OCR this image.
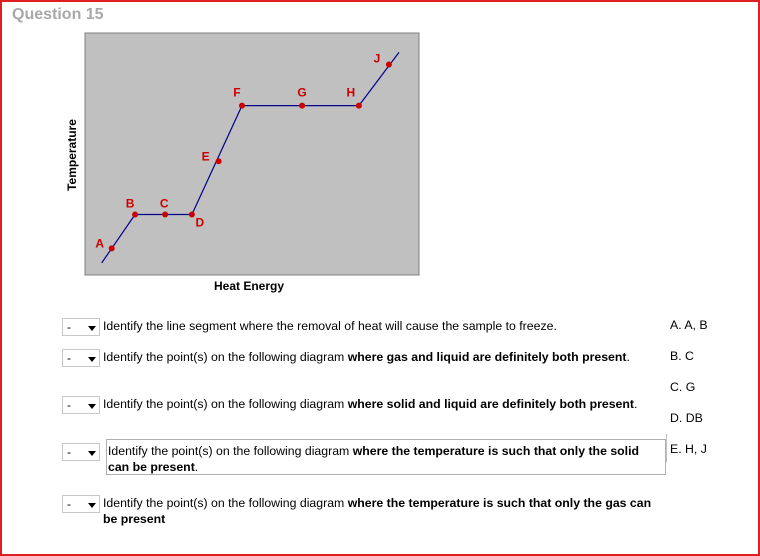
Question 15
A
B C
D
E
F	G	H
J
Temperature
Heat Energy
-	Identify the line segment where the removal of heat will cause the sample to freeze.
-	Identify the point(s) on the following diagram where gas and liquid are definitely both present.
-	Identify the point(s) on the following diagram where solid and liquid are definitely both present.
-	Identify the point(s) on the following diagram where the temperature is such that only the solid can be present.
-	Identify the point(s) on the following diagram where the temperature is such that only the gas can be present
A. A, B
B. C
C. G
D. DB
E. H, J
